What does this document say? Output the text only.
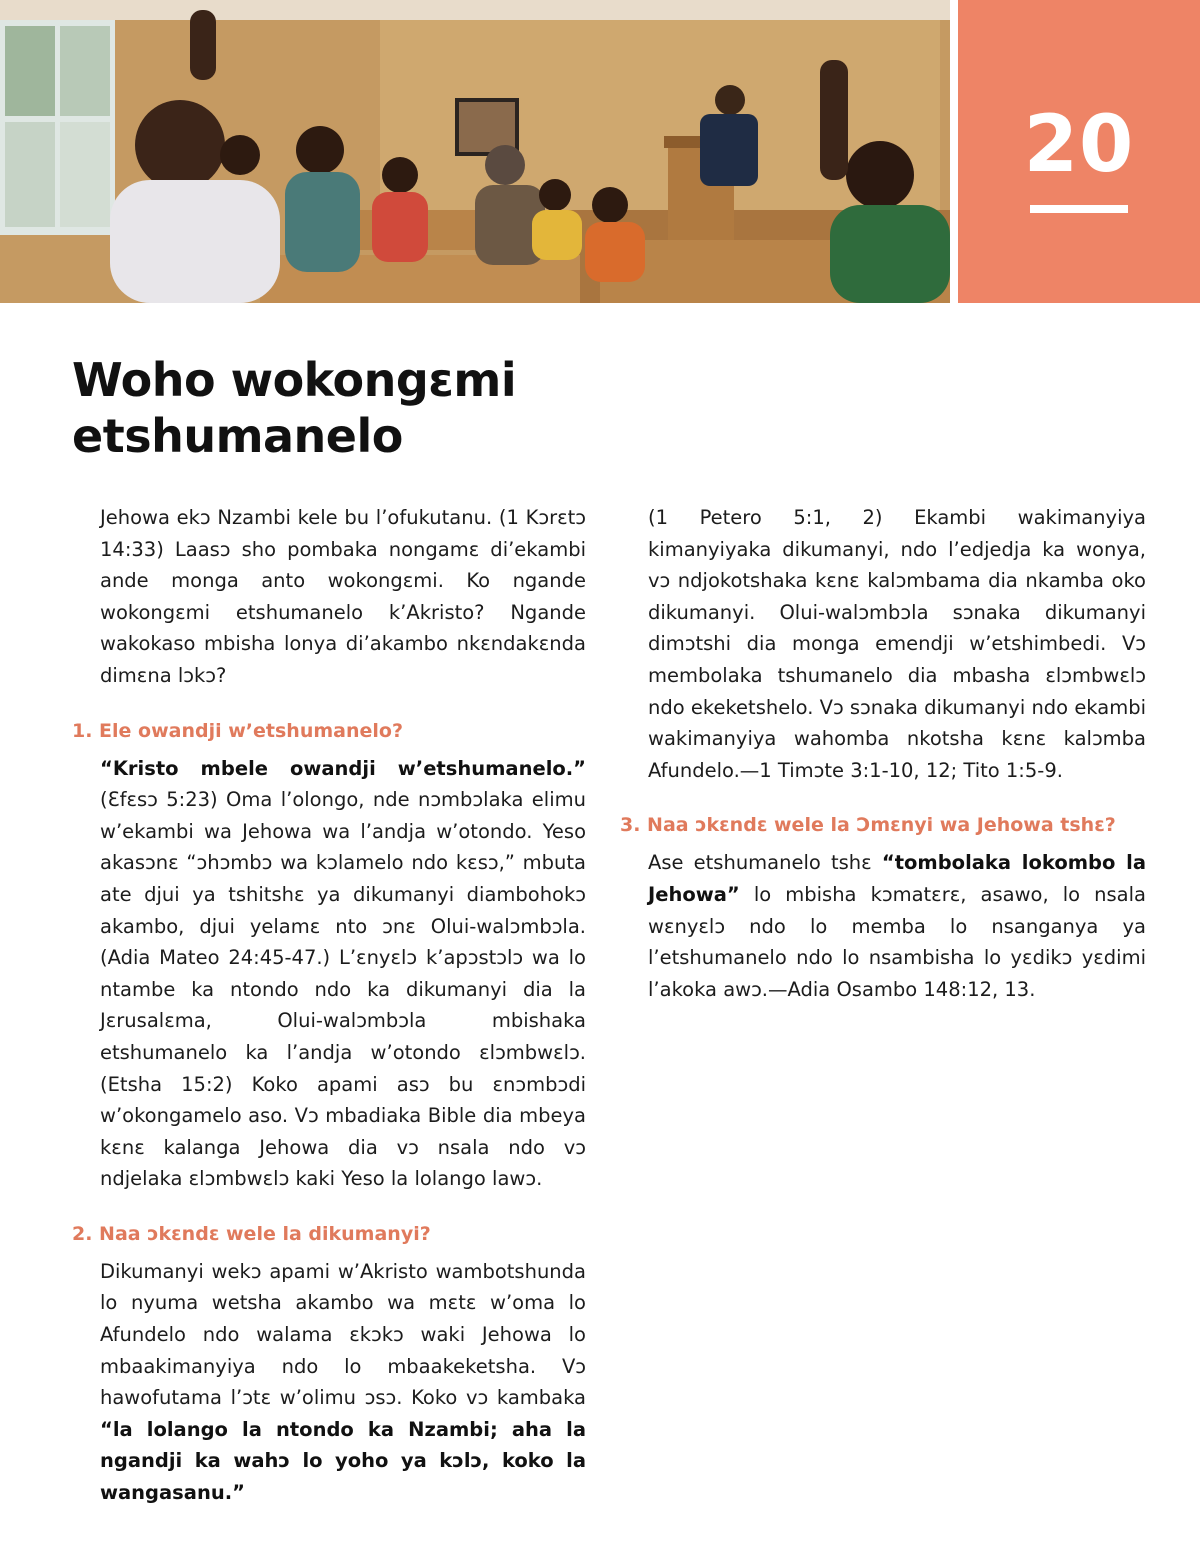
20
Woho wokongɛmi
etshumanelo

Jehowa ekɔ Nzambi kele bu l’ofukutanu. (1 Kɔrɛtɔ 14:33) Laasɔ sho pombaka nongamɛ di’ekambi ande monga anto wokongɛmi. Ko ngande wokongɛmi etshumanelo k’Akristo? Ngande wakokaso mbisha lonya di’akambo nkɛndakɛnda dimɛna lɔkɔ?

1. Ele owandji w’etshumanelo?

“Kristo mbele owandji w’etshumanelo.” (Ɛfɛsɔ 5:23) Oma l’olongo, nde nɔmbɔlaka elimu w’ekambi wa Jehowa wa l’andja w’otondo. Yeso akasɔnɛ “ɔhɔmbɔ wa kɔlamelo ndo kɛsɔ,” mbuta ate djui ya tshitshɛ ya dikumanyi diambohokɔ akambo, djui yelamɛ nto ɔnɛ Olui-walɔmbɔla. (Adia Mateo 24:45-47.) L’ɛnyɛlɔ k’apɔstɔlɔ wa lo ntambe ka ntondo ndo ka dikumanyi dia la Jɛrusalɛma, Olui-walɔmbɔla mbishaka etshumanelo ka l’andja w’otondo ɛlɔmbwɛlɔ. (Etsha 15:2) Koko apami asɔ bu ɛnɔmbɔdi w’okongamelo aso. Vɔ mbadiaka Bible dia mbeya kɛnɛ kalanga Jehowa dia vɔ nsala ndo vɔ ndjelaka ɛlɔmbwɛlɔ kaki Yeso la lolango lawɔ.

2. Naa ɔkɛndɛ wele la dikumanyi?

Dikumanyi wekɔ apami w’Akristo wambotshunda lo nyuma wetsha akambo wa mɛtɛ w’oma lo Afundelo ndo walama ɛkɔkɔ waki Jehowa lo mbaakimanyiya ndo lo mbaakeketsha. Vɔ hawofutama l’ɔtɛ w’olimu ɔsɔ. Koko vɔ kambaka “la lolango la ntondo ka Nzambi; aha la ngandji ka wahɔ lo yoho ya kɔlɔ, koko la wangasanu.”

(1 Petero 5:1, 2) Ekambi wakimanyiya kimanyiyaka dikumanyi, ndo l’edjedja ka wonya, vɔ ndjokotshaka kɛnɛ kalɔmbama dia nkamba oko dikumanyi. Olui-walɔmbɔla sɔnaka dikumanyi dimɔtshi dia monga emendji w’etshimbedi. Vɔ membolaka tshumanelo dia mbasha ɛlɔmbwɛlɔ ndo ekeketshelo. Vɔ sɔnaka dikumanyi ndo ekambi wakimanyiya wahomba nkotsha kɛnɛ kalɔmba Afundelo.—1 Timɔte 3:1-10, 12; Tito 1:5-9.

3. Naa ɔkɛndɛ wele la Ɔmɛnyi wa Jehowa tshɛ?

Ase etshumanelo tshɛ “tombolaka lokombo la Jehowa” lo mbisha kɔmatɛrɛ, asawo, lo nsala wɛnyɛlɔ ndo lo memba lo nsanganya ya l’etshumanelo ndo lo nsambisha lo yɛdikɔ yɛdimi l’akoka awɔ.—Adia Osambo 148:12, 13.
